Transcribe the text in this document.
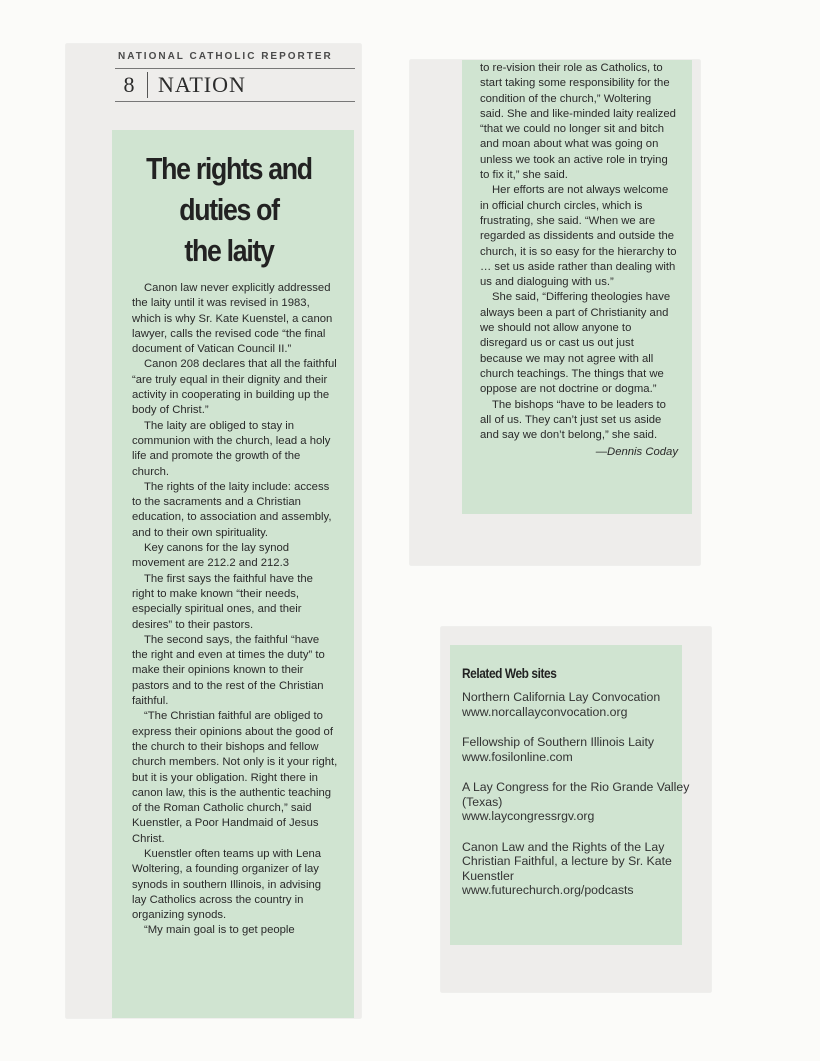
NATIONAL CATHOLIC REPORTER
8	NATION
The rights and
duties of
the laity

Canon law never explicitly addressed the laity until it was revised in 1983, which is why Sr. Kate Kuenstel, a canon lawyer, calls the revised code “the final document of Vatican Council II.”

Canon 208 declares that all the faithful “are truly equal in their dignity and their activity in cooperating in building up the body of Christ.”

The laity are obliged to stay in communion with the church, lead a holy life and promote the growth of the church.

The rights of the laity include: access to the sacraments and a Christian education, to association and assembly, and to their own spirituality.

Key canons for the lay synod movement are 212.2 and 212.3

The first says the faithful have the right to make known “their needs, especially spiritual ones, and their desires” to their pastors.

The second says, the faithful “have the right and even at times the duty” to make their opinions known to their pastors and to the rest of the Christian faithful.

“The Christian faithful are obliged to express their opinions about the good of the church to their bishops and fellow church members. Not only is it your right, but it is your obligation. Right there in canon law, this is the authentic teaching of the Roman Catholic church,” said Kuenstler, a Poor Handmaid of Jesus Christ.

Kuenstler often teams up with Lena Woltering, a founding organizer of lay synods in southern Illinois, in advising lay Catholics across the country in organizing synods.

“My main goal is to get people

to re-vision their role as Catholics, to start taking some responsibility for the condition of the church,” Woltering said. She and like-minded laity realized “that we could no longer sit and bitch and moan about what was going on unless we took an active role in trying to fix it,” she said.

Her efforts are not always welcome in official church circles, which is frustrating, she said. “When we are regarded as dissidents and outside the church, it is so easy for the hierarchy to … set us aside rather than dealing with us and dialoguing with us.”

She said, “Differing theologies have always been a part of Christianity and we should not allow anyone to disregard us or cast us out just because we may not agree with all church teachings. The things that we oppose are not doctrine or dogma.”

The bishops “have to be leaders to all of us. They can’t just set us aside and say we don’t belong,” she said.

—Dennis Coday
Related Web sites
Northern California Lay Convocation
www.norcallayconvocation.org
Fellowship of Southern Illinois Laity
www.fosilonline.com
A Lay Congress for the Rio Grande Valley (Texas)
www.laycongressrgv.org
Canon Law and the Rights of the Lay Christian Faithful, a lecture by Sr. Kate Kuenstler
www.futurechurch.org/podcasts
